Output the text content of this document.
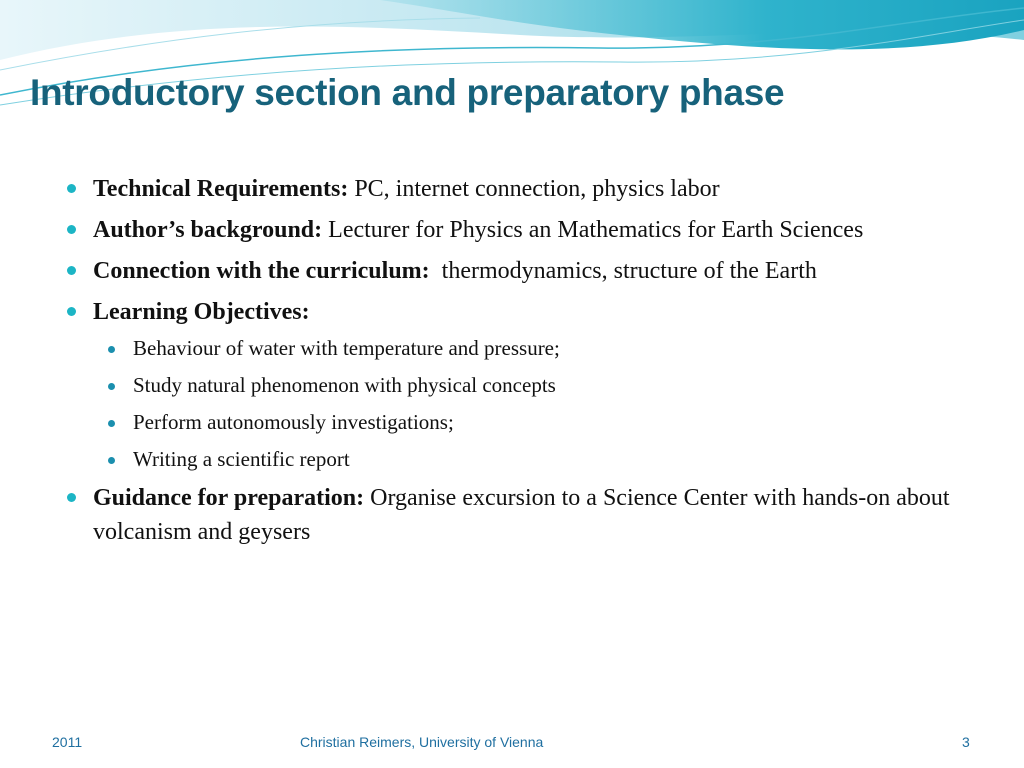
Introductory section and preparatory phase
Technical Requirements: PC, internet connection, physics labor
Author’s background: Lecturer for Physics an Mathematics for Earth Sciences
Connection with the curriculum:  thermodynamics, structure of the Earth
Learning Objectives:
Behaviour of water with temperature and pressure;
Study natural phenomenon with physical concepts
Perform autonomously investigations;
Writing a scientific report
Guidance for preparation: Organise excursion to a Science Center with hands-on about volcanism and geysers
2011	Christian Reimers, University of Vienna	3
